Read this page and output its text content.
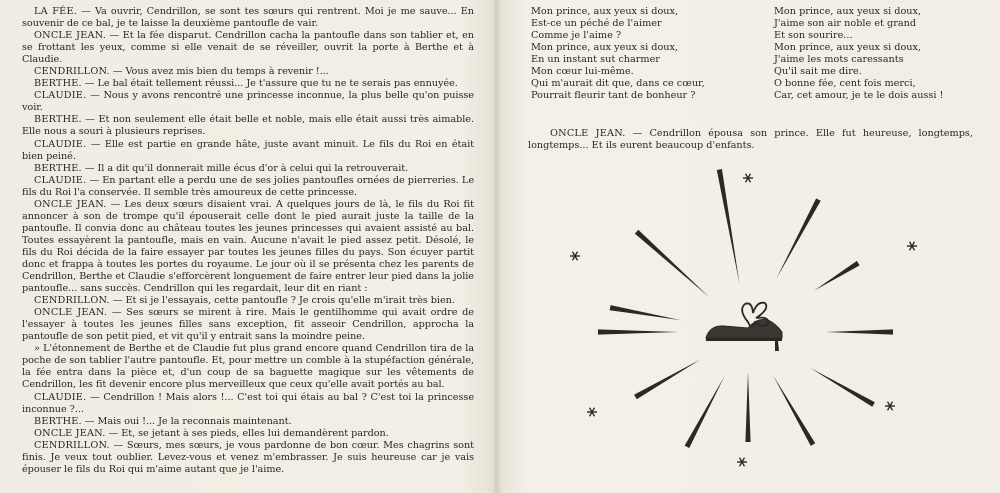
LA FÉE. — Va ouvrir, Cendrillon, se sont tes sœurs qui rentrent. Moi je me sauve... En souvenir de ce bal, je te laisse la deuxième pantoufle de vair.

ONCLE JEAN. — Et la fée disparut. Cendrillon cacha la pantoufle dans son tablier et, en se frottant les yeux, comme si elle venait de se réveiller, ouvrit la porte à Berthe et à Claudie.

CENDRILLON. — Vous avez mis bien du temps à revenir !...

BERTHE. — Le bal était tellement réussi... Je t'assure que tu ne te serais pas ennuyée.

CLAUDIE. — Nous y avons rencontré une princesse inconnue, la plus belle qu'on puisse voir.

BERTHE. — Et non seulement elle était belle et noble, mais elle était aussi très aimable. Elle nous a souri à plusieurs reprises.

CLAUDIE. — Elle est partie en grande hâte, juste avant minuit. Le fils du Roi en était bien peiné.

BERTHE. — Il a dit qu'il donnerait mille écus d'or à celui qui la retrouverait.

CLAUDIE. — En partant elle a perdu une de ses jolies pantoufles ornées de pierreries. Le fils du Roi l'a conservée. Il semble très amoureux de cette princesse.

ONCLE JEAN. — Les deux sœurs disaient vrai. A quelques jours de là, le fils du Roi fit annoncer à son de trompe qu'il épouserait celle dont le pied aurait juste la taille de la pantoufle. Il convia donc au château toutes les jeunes princesses qui avaient assisté au bal. Toutes essayèrent la pantoufle, mais en vain. Aucune n'avait le pied assez petit. Désolé, le fils du Roi décida de la faire essayer par toutes les jeunes filles du pays. Son écuyer partit donc et frappa à toutes les portes du royaume. Le jour où il se présenta chez les parents de Cendrillon, Berthe et Claudie s'efforcèrent longuement de faire entrer leur pied dans la jolie pantoufle... sans succès. Cendrillon qui les regardait, leur dit en riant :

CENDRILLON. — Et si je l'essayais, cette pantoufle ? Je crois qu'elle m'irait très bien.

ONCLE JEAN. — Ses sœurs se mirent à rire. Mais le gentilhomme qui avait ordre de l'essayer à toutes les jeunes filles sans exception, fit asseoir Cendrillon, approcha la pantoufle de son petit pied, et vit qu'il y entrait sans la moindre peine.

» L'étonnement de Berthe et de Claudie fut plus grand encore quand Cendrillon tira de la poche de son tablier l'autre pantoufle. Et, pour mettre un comble à la stupéfaction générale, la fée entra dans la pièce et, d'un coup de sa baguette magique sur les vêtements de Cendrillon, les fit devenir encore plus merveilleux que ceux qu'elle avait portés au bal.

CLAUDIE. — Cendrillon ! Mais alors !... C'est toi qui étais au bal ? C'est toi la princesse inconnue ?...

BERTHE. — Mais oui !... Je la reconnais maintenant.

ONCLE JEAN. — Et, se jetant à ses pieds, elles lui demandèrent pardon.

CENDRILLON. — Sœurs, mes sœurs, je vous pardonne de bon cœur. Mes chagrins sont finis. Je veux tout oublier. Levez-vous et venez m'embrasser. Je suis heureuse car je vais épouser le fils du Roi qui m'aime autant que je l'aime.

Mon prince, aux yeux si doux,
Est-ce un péché de l'aimer
Comme je l'aime ?
Mon prince, aux yeux si doux,
En un instant sut charmer
Mon cœur lui-même.
Qui m'aurait dit que, dans ce cœur,
Pourrait fleurir tant de bonheur ?
Mon prince, aux yeux si doux,
J'aime son air noble et grand
Et son sourire...
Mon prince, aux yeux si doux,
J'aime les mots caressants
Qu'il sait me dire.
O bonne fée, cent fois merci,
Car, cet amour, je te le dois aussi !

ONCLE JEAN. — Cendrillon épousa son prince. Elle fut heureuse, longtemps, longtemps... Et ils eurent beaucoup d'enfants.
